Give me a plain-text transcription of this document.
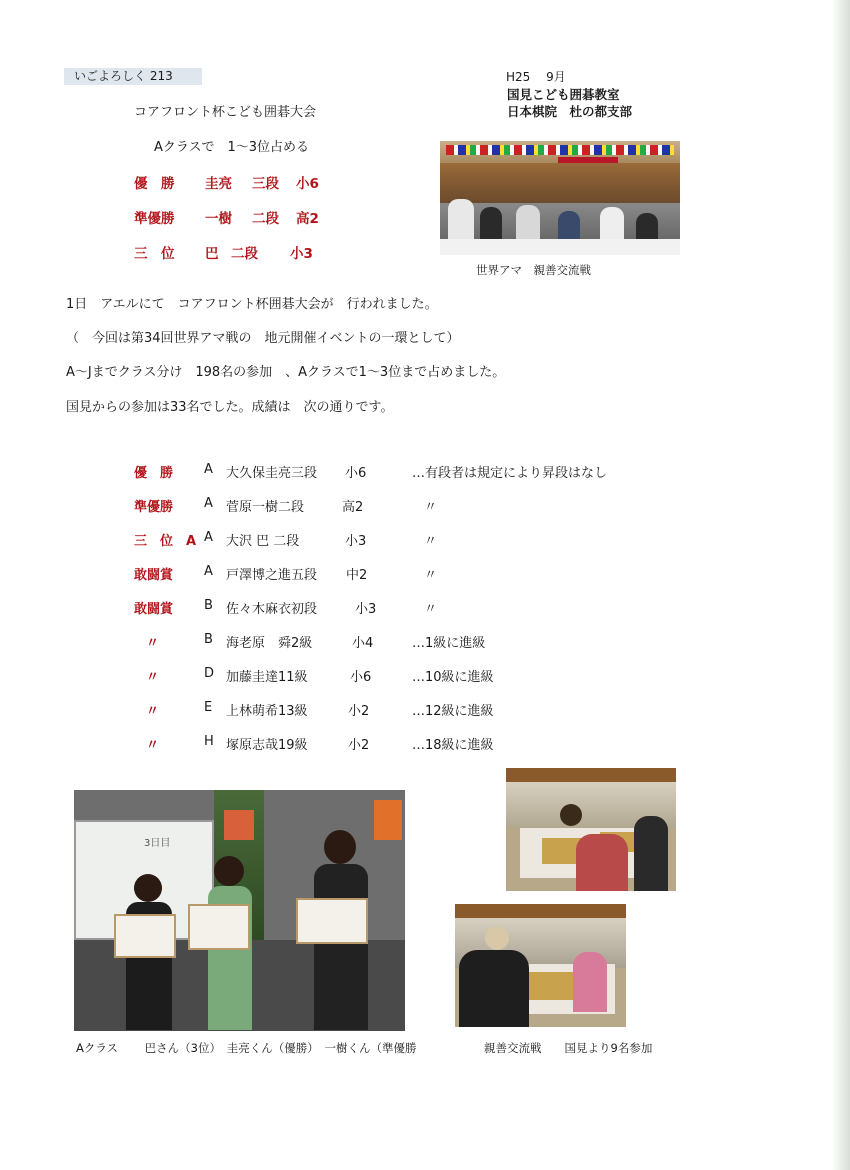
いごよろしく 213	H25　 9月
国見こども囲碁教室
日本棋院　杜の都支部
コアフロント杯こども囲碁大会
Aクラスで　1〜3位占める
優　勝 圭亮 三段 小6
準優勝 一樹 二段 高2
三　位 巴 二段 小3
世界アマ　親善交流戦
1日　アエルにて　コアフロント杯囲碁大会が　行われました。
（　今回は第34回世界アマ戦の　地元開催イベントの一環として）
A〜Jまでクラス分け　198名の参加　、Aクラスで1〜3位まで占めました。
国見からの参加は33名でした。成績は　次の通りです。
優　勝 A 大久保圭亮三段 小6	…有段者は規定により昇段はなし
準優勝 A 菅原一樹二段	高2	〃
三　位　A A 大沢 巴 二段	小3	〃
敢闘賞 A 戸澤博之進五段 中2	〃
敢闘賞 B 佐々木麻衣初段	小3	〃
〃	B 海老原　舜2級	小4	…1級に進級
〃	D 加藤圭達11級	小6	…10級に進級
〃	E 上林萌希13級	小2	…12級に進級
〃	H 塚原志哉19級	小2	…18級に進級
3日目
Aクラス　　 巴さん（3位）　圭亮くん（優勝）　一樹くん（準優勝	親善交流戦　　国見より9名参加
